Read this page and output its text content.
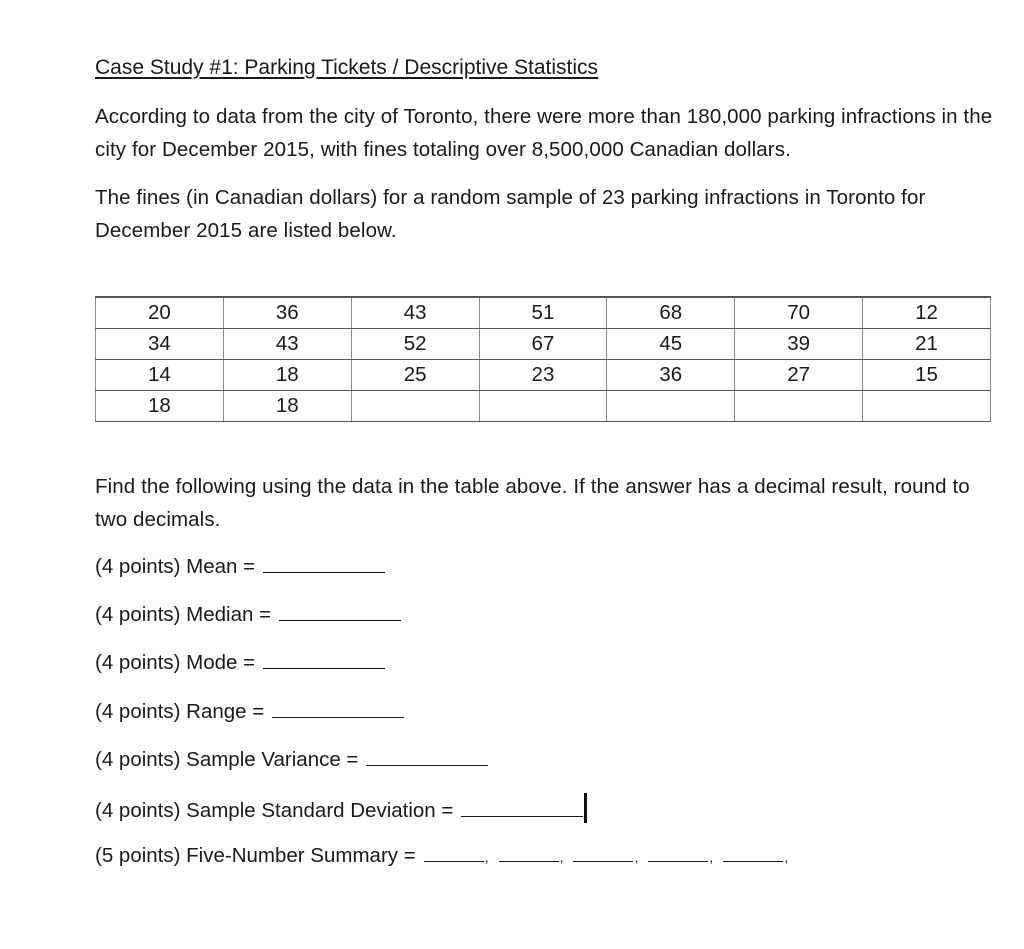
Case Study #1: Parking Tickets / Descriptive Statistics

According to data from the city of Toronto, there were more than 180,000 parking infractions in the city for December 2015, with fines totaling over 8,500,000 Canadian dollars.

The fines (in Canadian dollars) for a random sample of 23 parking infractions in Toronto for December 2015 are listed below.

20	36	43	51	68	70	12
34	43	52	67	45	39	21
14	18	25	23	36	27	15
18	18					

Find the following using the data in the table above. If the answer has a decimal result, round to two decimals.

(4 points) Mean =
(4 points) Median =
(4 points) Mode =
(4 points) Range =
(4 points) Sample Variance =
(4 points) Sample Standard Deviation =
(5 points) Five-Number Summary =	,	,	,	,	,
